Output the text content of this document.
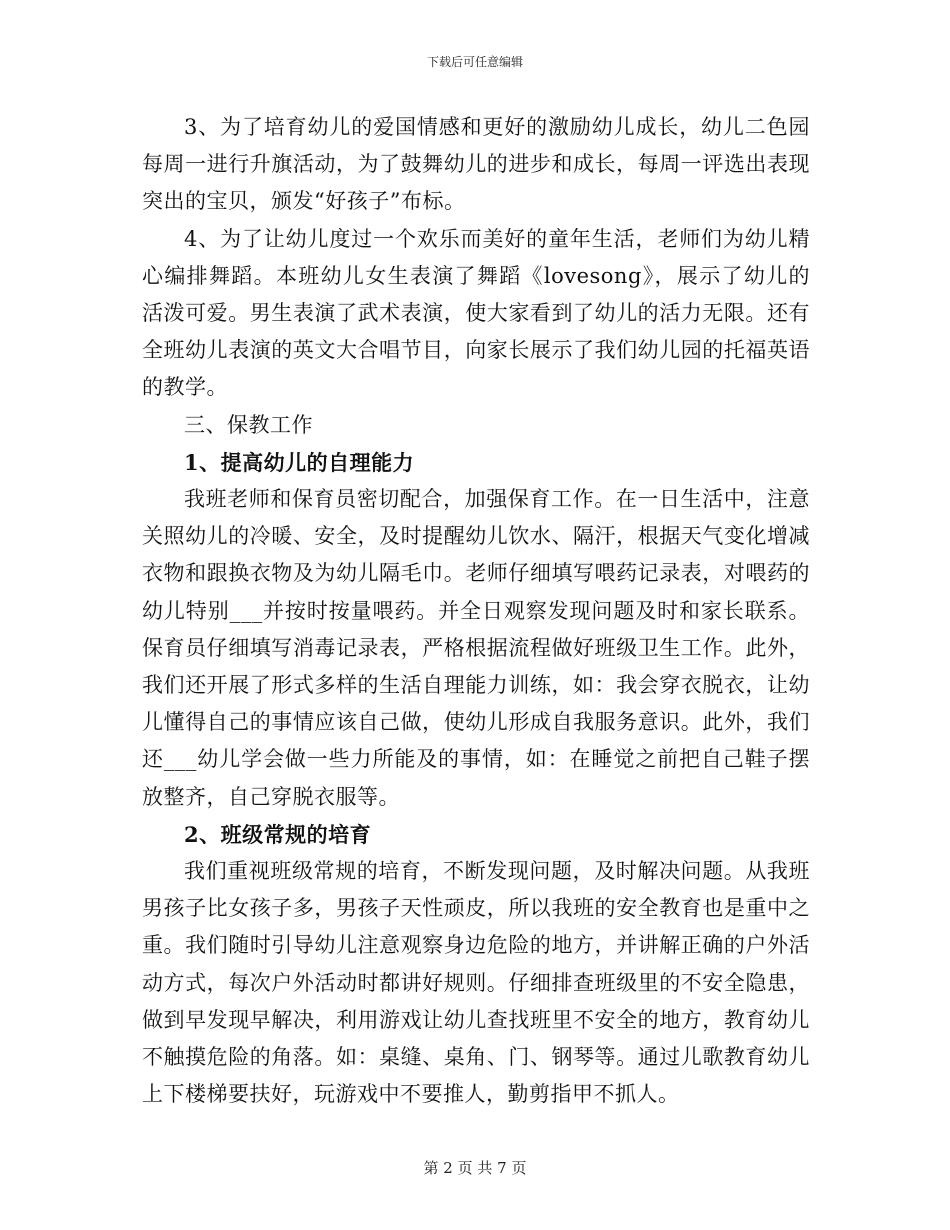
下载后可任意编辑

3、为了培育幼儿的爱国情感和更好的激励幼儿成长，幼儿二色园每周一进行升旗活动，为了鼓舞幼儿的进步和成长，每周一评选出表现突出的宝贝，颁发“好孩子”布标。

4、为了让幼儿度过一个欢乐而美好的童年生活，老师们为幼儿精心编排舞蹈。本班幼儿女生表演了舞蹈《lovesong》，展示了幼儿的活泼可爱。男生表演了武术表演，使大家看到了幼儿的活力无限。还有全班幼儿表演的英文大合唱节目，向家长展示了我们幼儿园的托福英语的教学。

三、保教工作

1、提高幼儿的自理能力

我班老师和保育员密切配合，加强保育工作。在一日生活中，注意关照幼儿的冷暖、安全，及时提醒幼儿饮水、隔汗，根据天气变化增减衣物和跟换衣物及为幼儿隔毛巾。老师仔细填写喂药记录表，对喂药的幼儿特别___并按时按量喂药。并全日观察发现问题及时和家长联系。保育员仔细填写消毒记录表，严格根据流程做好班级卫生工作。此外，我们还开展了形式多样的生活自理能力训练，如：我会穿衣脱衣，让幼儿懂得自己的事情应该自己做，使幼儿形成自我服务意识。此外，我们还___幼儿学会做一些力所能及的事情，如：在睡觉之前把自己鞋子摆放整齐，自己穿脱衣服等。

2、班级常规的培育

我们重视班级常规的培育，不断发现问题，及时解决问题。从我班男孩子比女孩子多，男孩子天性顽皮，所以我班的安全教育也是重中之重。我们随时引导幼儿注意观察身边危险的地方，并讲解正确的户外活动方式，每次户外活动时都讲好规则。仔细排查班级里的不安全隐患，做到早发现早解决，利用游戏让幼儿查找班里不安全的地方，教育幼儿不触摸危险的角落。如：桌缝、桌角、门、钢琴等。通过儿歌教育幼儿上下楼梯要扶好，玩游戏中不要推人，勤剪指甲不抓人。

第 2 页 共 7 页
